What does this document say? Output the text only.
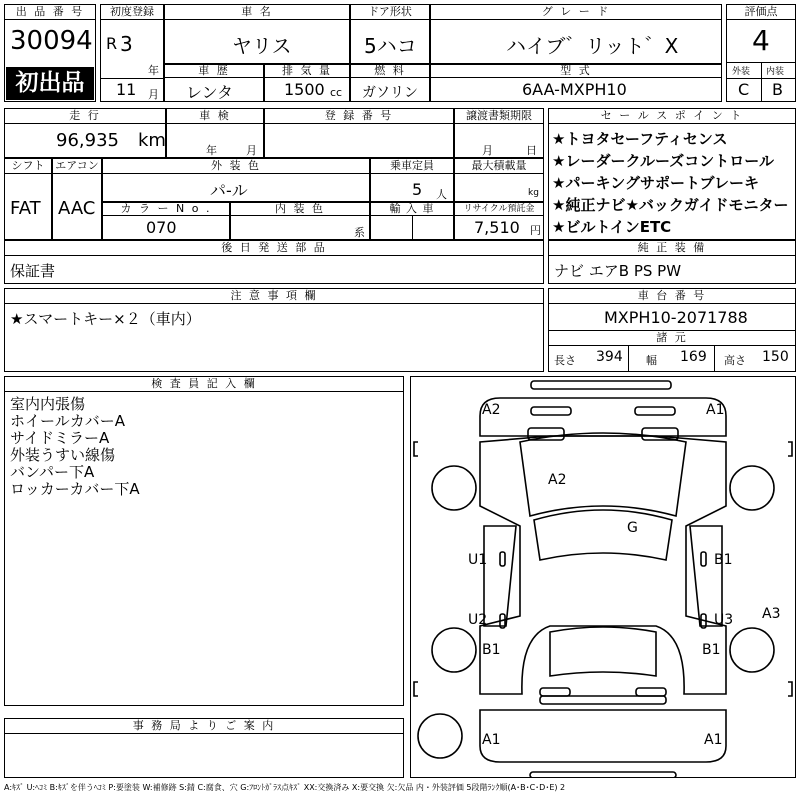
出 品 番 号
30094
初出品
初度登録
R 3
年
11 月
車 名
ヤリス
ドア形状
5ハコ
グ レ ー ド
ハイブ゛リット゛X
評価点
4
外装 内装
C B
車 歴
レンタ
排 気 量
1500 cc
燃 料
ガソリン
型 式
6AA-MXPH10
走 行
96,935 km
車 検
年	月
登 録 番 号	譲渡書類期限
月	日
シフト
FAT
エアコン
AAC
外 装 色
パ-ル
乗車定員
5 人
最大積載量
kg
カ ラ ー N o .
070
内 装 色
系
輸 入 車	リサイクル預託金
7,510 円
セ ー ル ス ポ イ ン ト
★トヨタセーフティセンス
★レーダークルーズコントロール
★パーキングサポートブレーキ
★純正ナビ★バックガイドモニター
★ビルトインETC
後 日 発 送 部 品
保証書
純 正 装 備
ナビ エアB PS PW
注 意 事 項 欄
★スマートキー×２（車内）
車 台 番 号
MXPH10-2071788
諸 元
長さ 394 幅 169 高さ 150
検 査 員 記 入 欄
室内内張傷
ホイールカバーA
サイドミラーA
外装うすい線傷
バンパー下A
ロッカーカバー下A
事 務 局 よ り ご 案 内
A2	A1
A2
G
U1	B1
U2	U3 A3
B1	B1
A1	A1
A:ｷｽﾞ U:ﾍｺﾐ B:ｷｽﾞを伴うﾍｺﾐ P:要塗装 W:補修跡 S:錆 C:腐食、穴 G:ﾌﾛﾝﾄｶﾞﾗｽ点ｷｽﾞ XX:交換済み X:要交換 欠:欠品 内・外装評価 5段階ﾗﾝｸ順(A･B･C･D･E) 2
